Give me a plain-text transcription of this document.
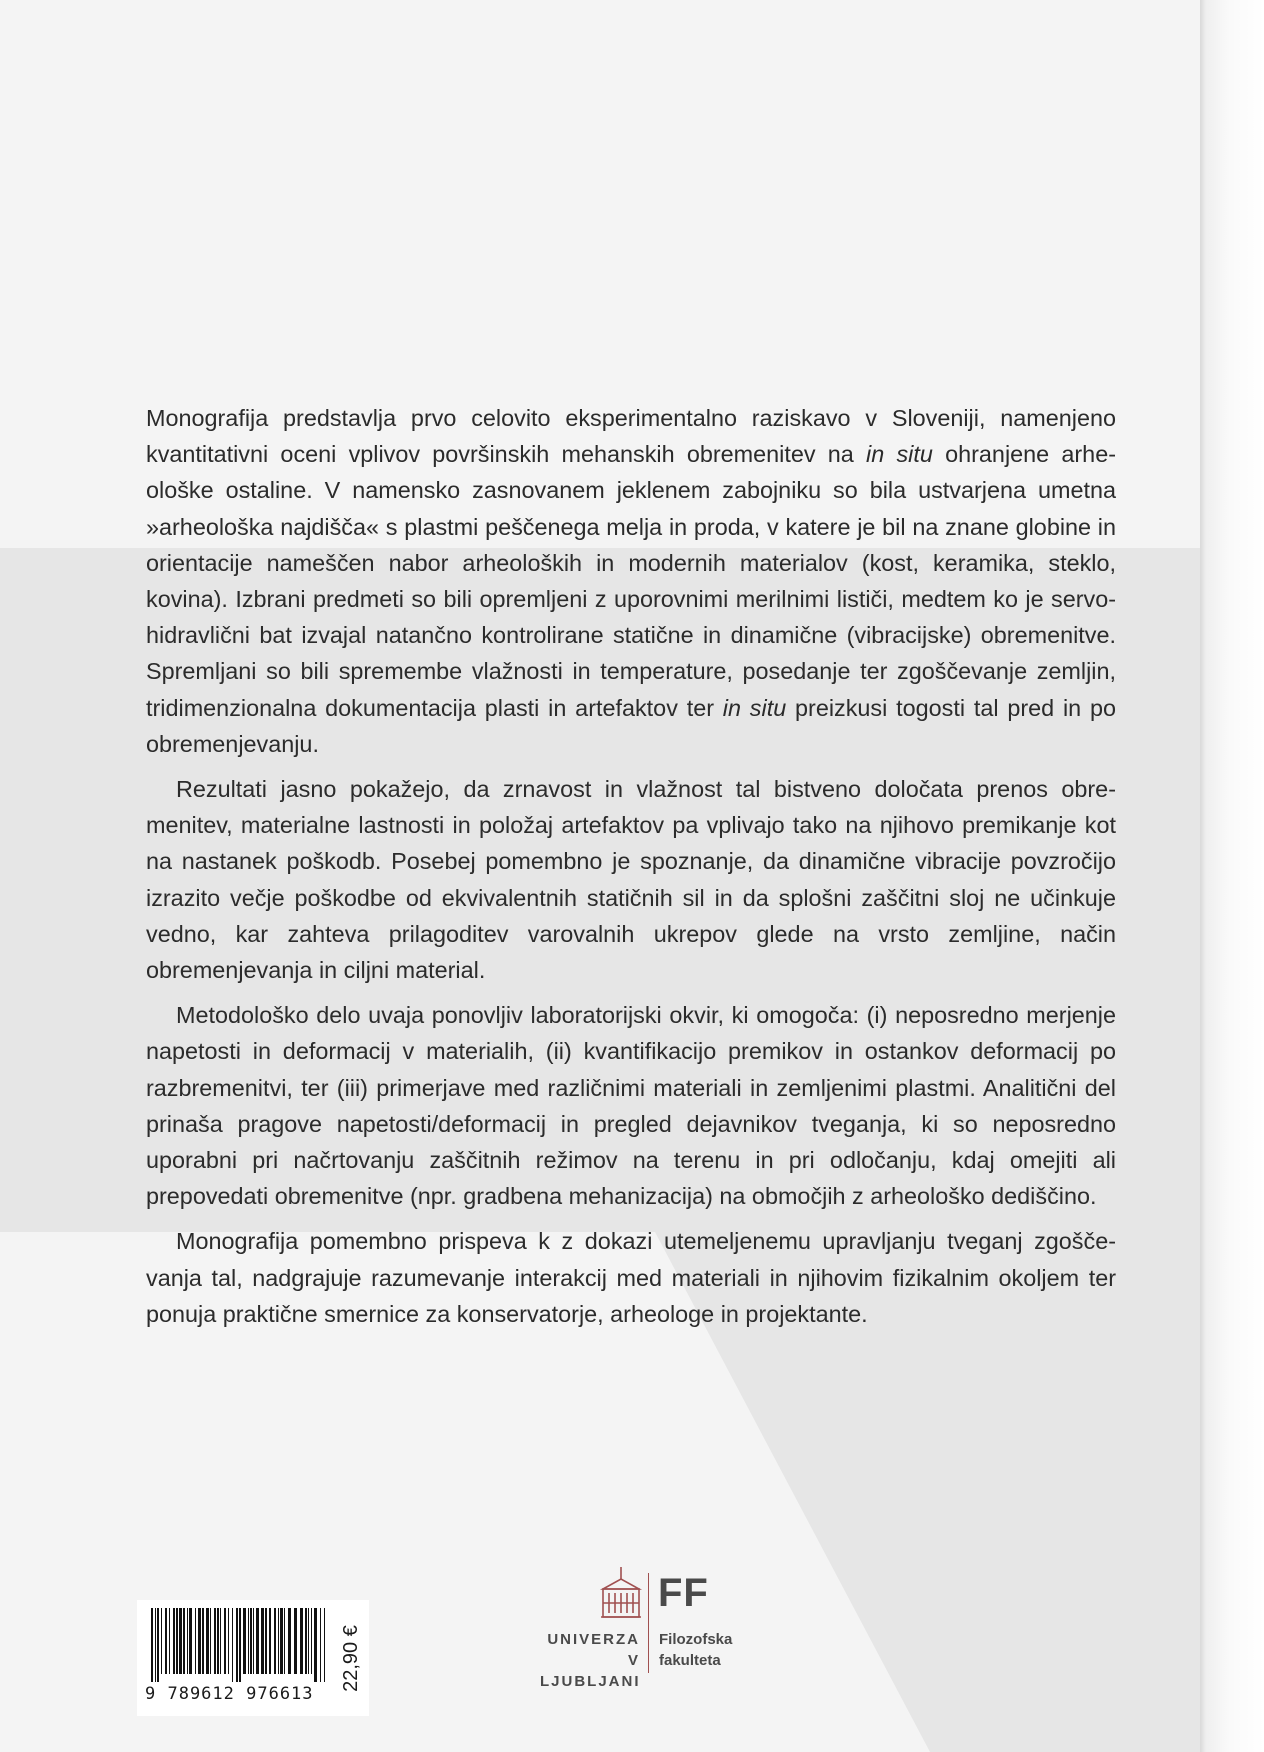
Monografija predstavlja prvo celovito eksperimentalno raziskavo v Sloveniji, namenjeno kvantitativni oceni vplivov površinskih mehanskih obremenitev na in situ ohranjene arheološke ostaline. V namensko zasnovanem jeklenem zabojniku so bila ustvarjena umetna »arheološka najdišča« s plastmi peščenega melja in proda, v katere je bil na znane globine in orientacije nameščen nabor arheoloških in modernih materialov (kost, keramika, steklo, kovina). Izbrani predmeti so bili opremljeni z uporovnimi merilnimi lističi, medtem ko je servo-hidravlični bat izvajal natančno kontrolirane statične in dinamične (vibracijske) obremenitve. Spremljani so bili spremembe vlažnosti in temperature, posedanje ter zgoščevanje zemljin, tridimenzionalna dokumentacija plasti in artefaktov ter in situ preizkusi togosti tal pred in po obremenjevanju.

Rezultati jasno pokažejo, da zrnavost in vlažnost tal bistveno določata prenos obremenitev, materialne lastnosti in položaj artefaktov pa vplivajo tako na njihovo premikanje kot na nastanek poškodb. Posebej pomembno je spoznanje, da dinamične vibracije povzročijo izrazito večje poškodbe od ekvivalentnih statičnih sil in da splošni zaščitni sloj ne učinkuje vedno, kar zahteva prilagoditev varovalnih ukrepov glede na vrsto zemljine, način obremenjevanja in ciljni material.

Metodološko delo uvaja ponovljiv laboratorijski okvir, ki omogoča: (i) neposredno merjenje napetosti in deformacij v materialih, (ii) kvantifikacijo premikov in ostankov deformacij po razbremenitvi, ter (iii) primerjave med različnimi materiali in zemljenimi plastmi. Analitični del prinaša pragove napetosti/deformacij in pregled dejavnikov tveganja, ki so neposredno uporabni pri načrtovanju zaščitnih režimov na terenu in pri odločanju, kdaj omejiti ali prepovedati obremenitve (npr. gradbena mehanizacija) na območjih z arheološko dediščino.

Monografija pomembno prispeva k z dokazi utemeljenemu upravljanju tveganj zgoščevanja tal, nadgrajuje razumevanje interakcij med materiali in njihovim fizikalnim okoljem ter ponuja praktične smernice za konservatorje, arheologe in projektante.

9 789612 976613
22,90 €	UNIVERZA
V LJUBLJANI
FF
Filozofska
fakulteta
